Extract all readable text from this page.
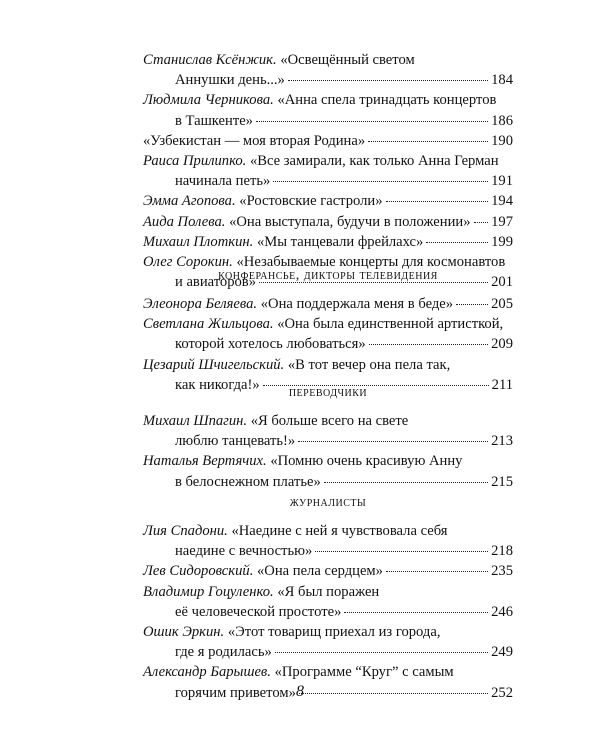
Станислав Ксёнжик.
«Освещённый светом
Аннушки день...»	184
Людмила Черникова.
«Анна спела тринадцать концертов
в Ташкенте»	186
«Узбекистан — моя вторая Родина»	190
Раиса Прилипко.
«Все замирали, как только Анна Герман
начинала петь»	191
Эмма Агопова.
«Ростовские гастроли»	194
Аида Полева.
«Она выступала, будучи в положении» 197
Михаил Плоткин.
«Мы танцевали фрейлахс»	199
Олег Сорокин.
«Незабываемые концерты для космонавтов
и авиаторов»	201
конферансье, дикторы телевидения
Элеонора Беляева.
«Она поддержала меня в беде»	205
Светлана Жильцова.
«Она была единственной артисткой,
которой хотелось любоваться»	209
Цезарий Шчигельский.
«В тот вечер она пела так,
как никогда!»	211
переводчики
Михаил Шпагин.
«Я больше всего на свете
люблю танцевать!»	213
Наталья Вертячих.
«Помню очень красивую Анну
в белоснежном платье»	215
журналисты
Лия Спадони.
«Наедине с ней я чувствовала себя
наедине с вечностью»	218
Лев Сидоровский.
«Она пела сердцем»	235
Владимир Гоцуленко.
«Я был поражен
её человеческой простоте»	246
Ошик Эркин.
«Этот товарищ приехал из города,
где я родилась»	249
Александр Барышев.
«Программе “Круг” с самым
горячим приветом»	252
8
